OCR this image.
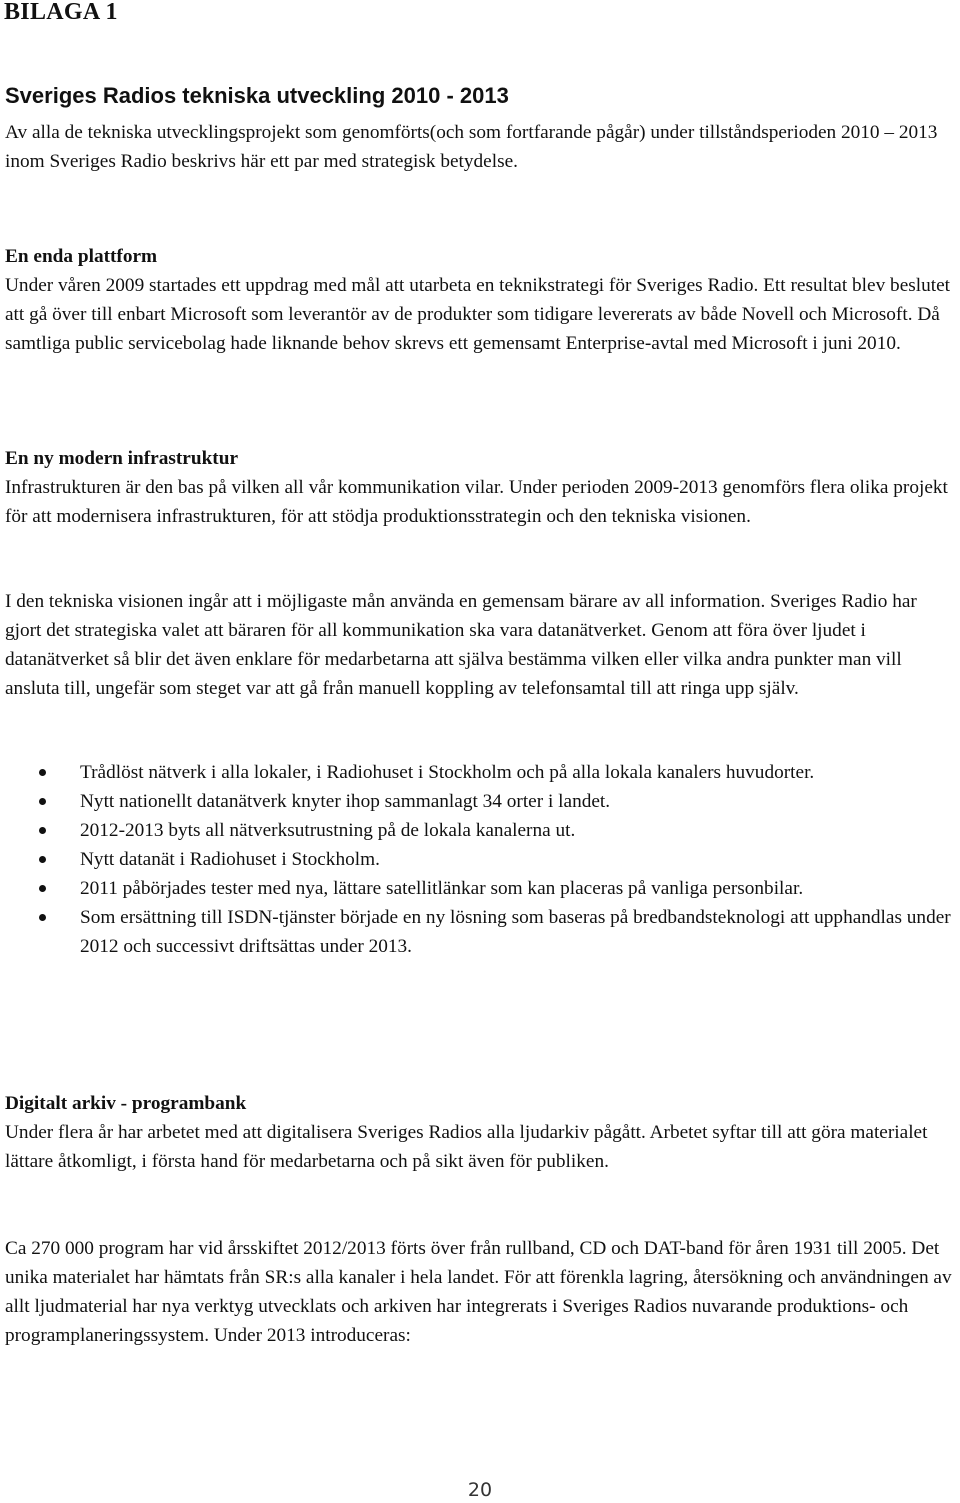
BILAGA 1
Sveriges Radios tekniska utveckling 2010 - 2013

Av alla de tekniska utvecklingsprojekt som genomförts(och som fortfarande pågår) under tillståndsperioden 2010 – 2013 inom Sveriges Radio beskrivs här ett par med strategisk betydelse.

En enda plattform
Under våren 2009 startades ett uppdrag med mål att utarbeta en teknikstrategi för Sveriges Radio. Ett resultat blev beslutet att gå över till enbart Microsoft som leverantör av de produkter som tidigare levererats av både Novell och Microsoft. Då samtliga public servicebolag hade liknande behov skrevs ett gemensamt Enterprise-avtal med Microsoft i juni 2010.
En ny modern infrastruktur
Infrastrukturen är den bas på vilken all vår kommunikation vilar. Under perioden 2009-2013 genomförs flera olika projekt för att modernisera infrastrukturen, för att stödja produktionsstrategin och den tekniska visionen.

I den tekniska visionen ingår att i möjligaste mån använda en gemensam bärare av all information. Sveriges Radio har gjort det strategiska valet att bäraren för all kommunikation ska vara datanätverket. Genom att föra över ljudet i datanätverket så blir det även enklare för medarbetarna att själva bestämma vilken eller vilka andra punkter man vill ansluta till, ungefär som steget var att gå från manuell koppling av telefonsamtal till att ringa upp själv.

Trådlöst nätverk i alla lokaler, i Radiohuset i Stockholm och på alla lokala kanalers huvudorter.
Nytt nationellt datanätverk knyter ihop sammanlagt 34 orter i landet.
2012-2013 byts all nätverksutrustning på de lokala kanalerna ut.
Nytt datanät i Radiohuset i Stockholm.
2011 påbörjades tester med nya, lättare satellitlänkar som kan placeras på vanliga personbilar.
Som ersättning till ISDN-tjänster började en ny lösning som baseras på bredbandsteknologi att upphandlas under 2012 och successivt driftsättas under 2013.
Digitalt arkiv - programbank
Under flera år har arbetet med att digitalisera Sveriges Radios alla ljudarkiv pågått. Arbetet syftar till att göra materialet lättare åtkomligt, i första hand för medarbetarna och på sikt även för publiken.

Ca 270 000 program har vid årsskiftet 2012/2013 förts över från rullband, CD och DAT-band för åren 1931 till 2005. Det unika materialet har hämtats från SR:s alla kanaler i hela landet. För att förenkla lagring, återsökning och användningen av allt ljudmaterial har nya verktyg utvecklats och arkiven har integrerats i Sveriges Radios nuvarande produktions- och programplaneringssystem. Under 2013 introduceras:

20
